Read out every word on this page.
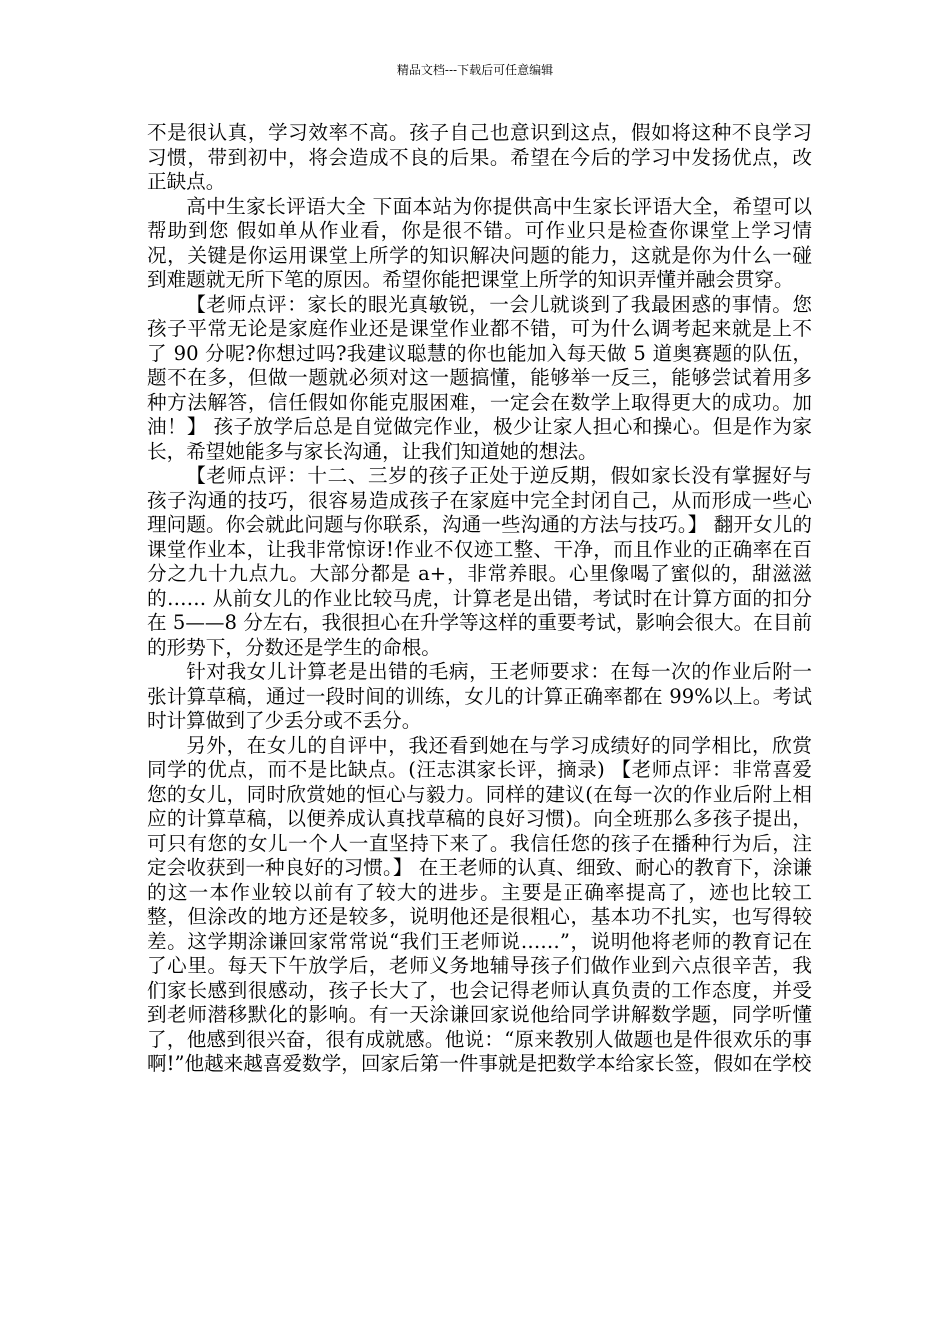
精品文档---下载后可任意编辑

不是很认真，学习效率不高。孩子自己也意识到这点，假如将这种不良学习习惯，带到初中，将会造成不良的后果。希望在今后的学习中发扬优点，改正缺点。

高中生家长评语大全 下面本站为你提供高中生家长评语大全，希望可以帮助到您 假如单从作业看，你是很不错。可作业只是检查你课堂上学习情况，关键是你运用课堂上所学的知识解决问题的能力，这就是你为什么一碰到难题就无所下笔的原因。希望你能把课堂上所学的知识弄懂并融会贯穿。

【老师点评：家长的眼光真敏锐，一会儿就谈到了我最困惑的事情。您孩子平常无论是家庭作业还是课堂作业都不错，可为什么调考起来就是上不了 90 分呢?你想过吗?我建议聪慧的你也能加入每天做 5 道奥赛题的队伍，题不在多，但做一题就必须对这一题搞懂，能够举一反三，能够尝试着用多种方法解答，信任假如你能克服困难，一定会在数学上取得更大的成功。加油！】 孩子放学后总是自觉做完作业，极少让家人担心和操心。但是作为家长，希望她能多与家长沟通，让我们知道她的想法。

【老师点评：十二、三岁的孩子正处于逆反期，假如家长没有掌握好与孩子沟通的技巧，很容易造成孩子在家庭中完全封闭自己，从而形成一些心理问题。你会就此问题与你联系，沟通一些沟通的方法与技巧。】 翻开女儿的课堂作业本，让我非常惊讶!作业不仅迹工整、干净，而且作业的正确率在百分之九十九点九。大部分都是 a+，非常养眼。心里像喝了蜜似的，甜滋滋的…… 从前女儿的作业比较马虎，计算老是出错，考试时在计算方面的扣分在 5——8 分左右，我很担心在升学等这样的重要考试，影响会很大。在目前的形势下，分数还是学生的命根。

针对我女儿计算老是出错的毛病，王老师要求：在每一次的作业后附一张计算草稿，通过一段时间的训练，女儿的计算正确率都在 99%以上。考试时计算做到了少丢分或不丢分。

另外，在女儿的自评中，我还看到她在与学习成绩好的同学相比，欣赏同学的优点，而不是比缺点。(汪志淇家长评，摘录) 【老师点评：非常喜爱您的女儿，同时欣赏她的恒心与毅力。同样的建议(在每一次的作业后附上相应的计算草稿，以便养成认真找草稿的良好习惯)。向全班那么多孩子提出，可只有您的女儿一个人一直坚持下来了。我信任您的孩子在播种行为后，注定会收获到一种良好的习惯。】 在王老师的认真、细致、耐心的教育下，涂谦的这一本作业较以前有了较大的进步。主要是正确率提高了，迹也比较工整，但涂改的地方还是较多，说明他还是很粗心，基本功不扎实，也写得较差。这学期涂谦回家常常说“我们王老师说……”，说明他将老师的教育记在了心里。每天下午放学后，老师义务地辅导孩子们做作业到六点很辛苦，我们家长感到很感动，孩子长大了，也会记得老师认真负责的工作态度，并受到老师潜移默化的影响。有一天涂谦回家说他给同学讲解数学题，同学听懂了，他感到很兴奋，很有成就感。他说：“原来教别人做题也是件很欢乐的事啊!”他越来越喜爱数学，回家后第一件事就是把数学本给家长签，假如在学校
